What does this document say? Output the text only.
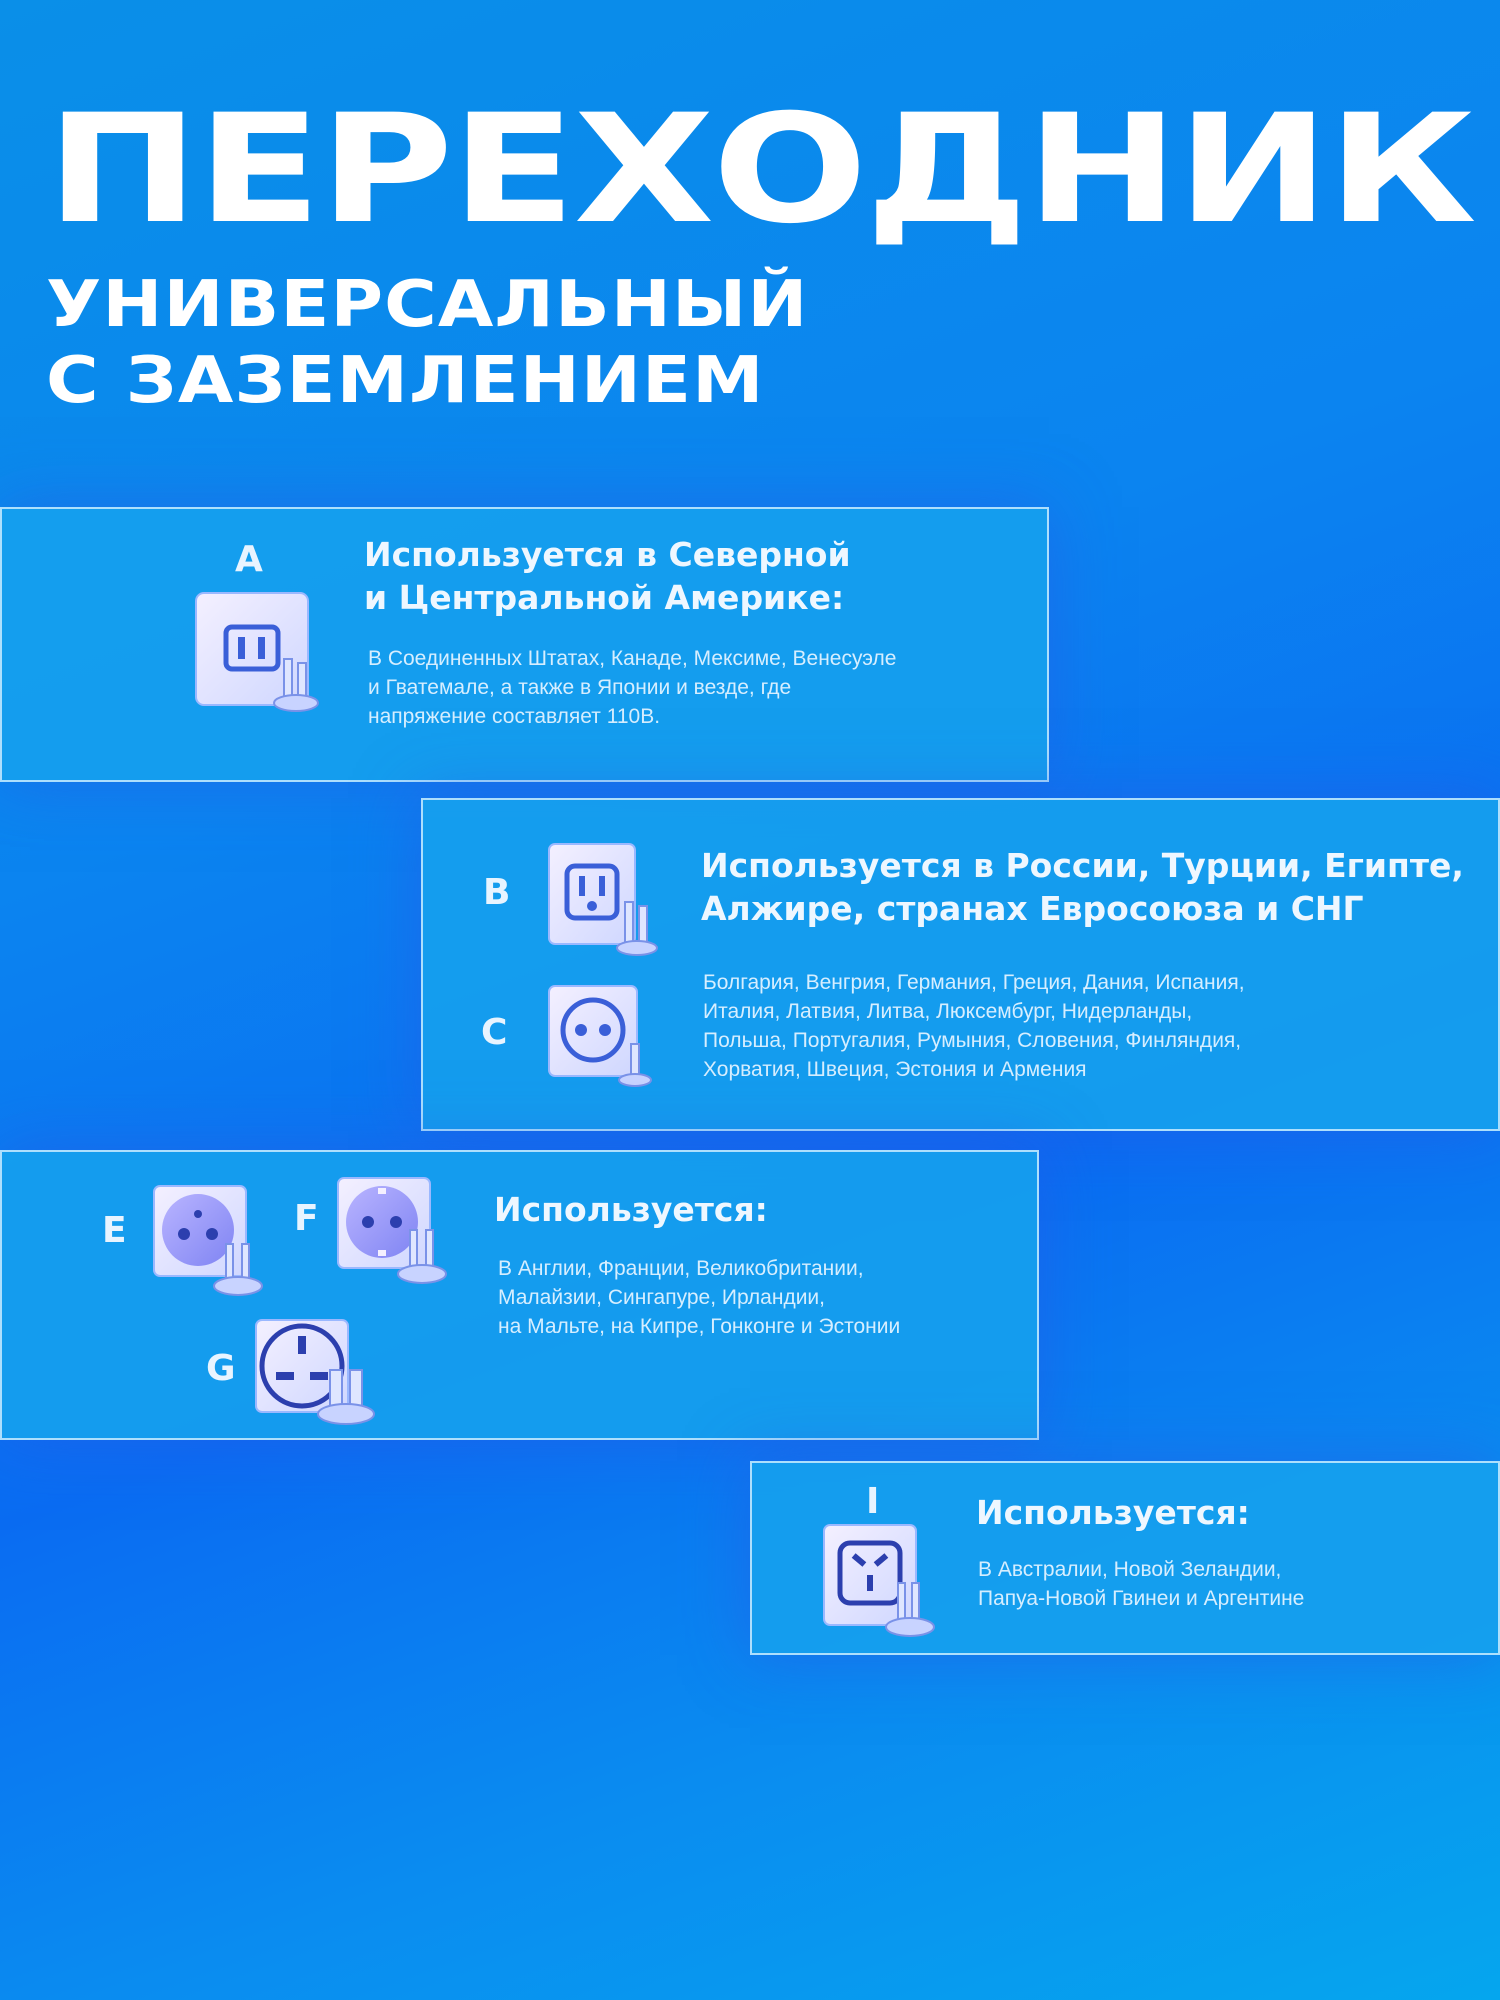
ПЕРЕХОДНИК
УНИВЕРСАЛЬНЫЙ
С ЗАЗЕМЛЕНИЕМ
A	Используется в Северной
и Центральной Америке:
В Соединенных Штатах, Канаде, Мексиме, Венесуэле
и Гватемале, а также в Японии и везде, где
напряжение составляет 110В.
B
C
Используется в России, Турции, Египте,
Алжире, странах Евросоюза и СНГ
Болгария, Венгрия, Германия, Греция, Дания, Испания,
Италия, Латвия, Литва, Люксембург, Нидерланды,
Польша, Португалия, Румыния, Словения, Финляндия,
Хорватия, Швеция, Эстония и Армения
E	F
G
Используется:
В Англии, Франции, Великобритании,
Малайзии, Сингапуре, Ирландии,
на Мальте, на Кипре, Гонконге и Эстонии
I	Используется:
В Австралии, Новой Зеландии,
Папуа-Новой Гвинеи и Аргентине
